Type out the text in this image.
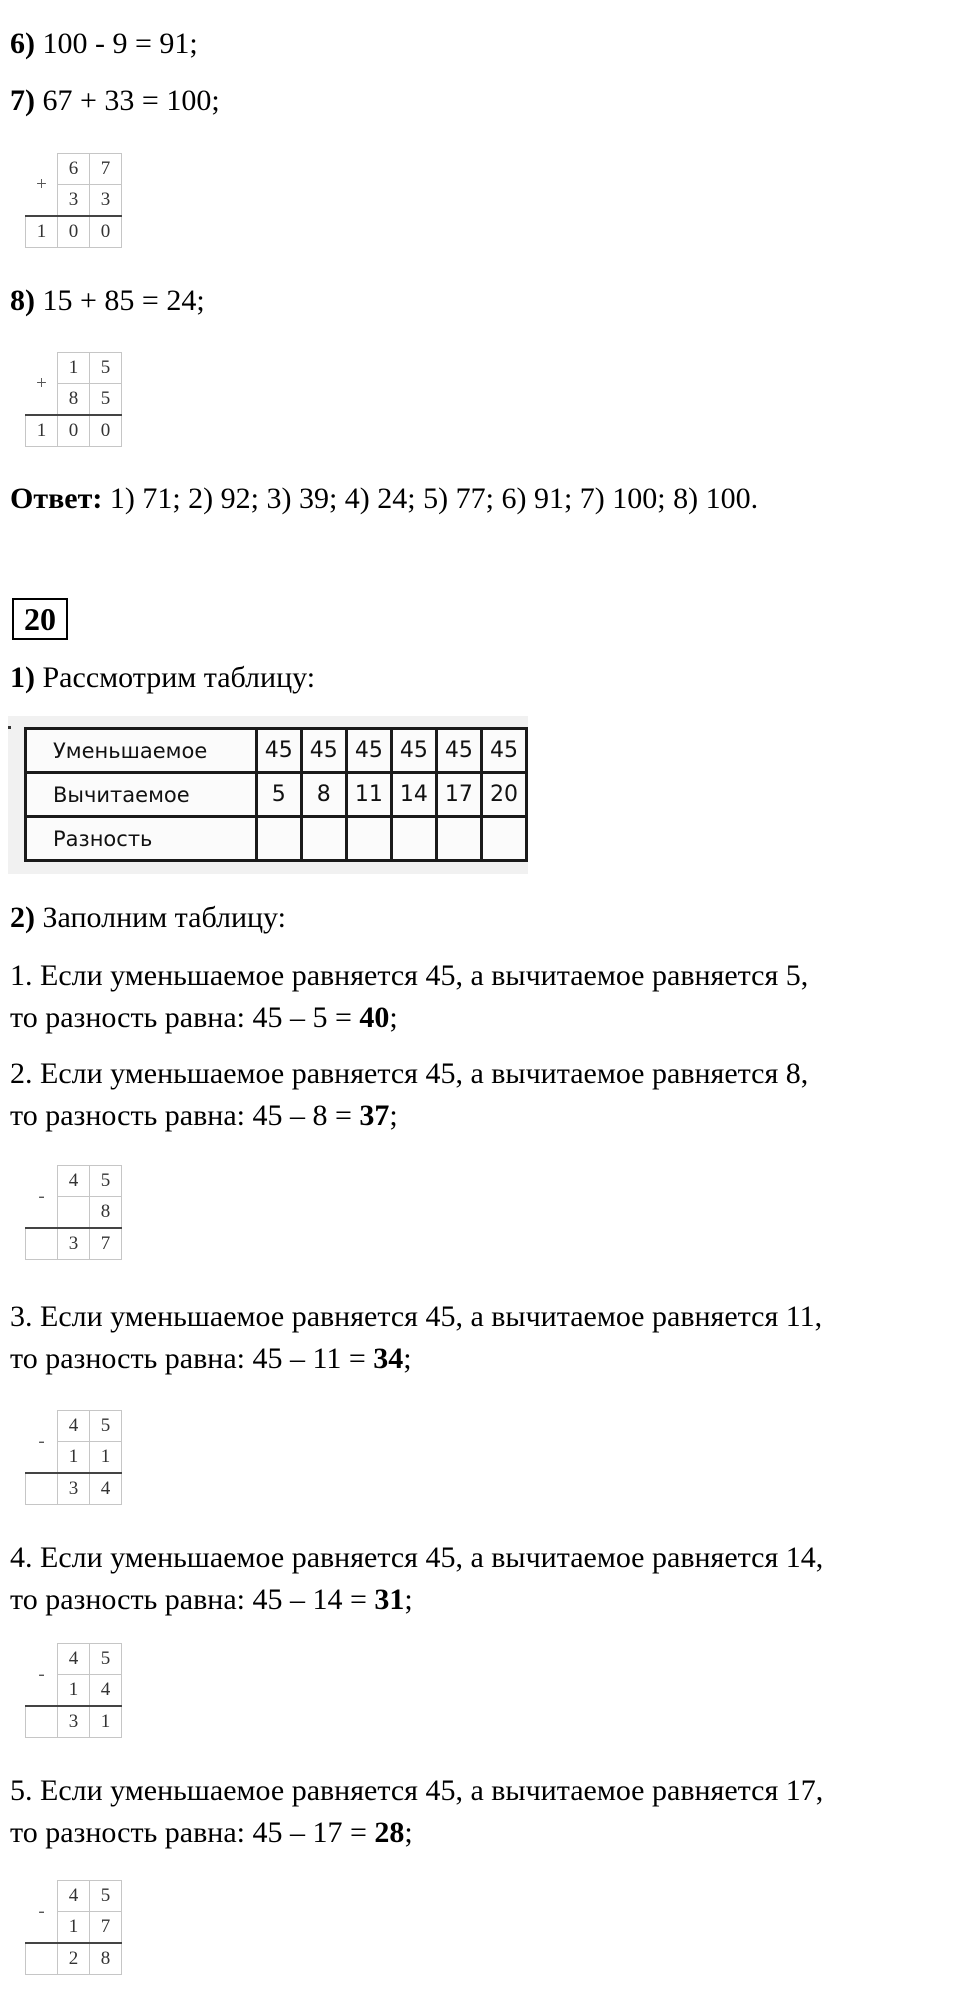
6) 100 - 9 = 91;

7) 67 + 33 = 100;

+	6	7
	3	3
1	0	0

8) 15 + 85 = 24;

+	1	5
	8	5
1	0	0

Ответ: 1) 71; 2) 92; 3) 39; 4) 24; 5) 77; 6) 91; 7) 100; 8) 100.

20

1) Рассмотрим таблицу:

Уменьшаемое	45	45	45	45	45	45
Вычитаемое	5	8	11	14	17	20
Разность						

2) Заполним таблицу:

1. Если уменьшаемое равняется 45, а вычитаемое равняется 5,
то разность равна: 45 – 5 = 40;
2. Если уменьшаемое равняется 45, а вычитаемое равняется 8,
то разность равна: 45 – 8 = 37;
-	4	5
		8
	3	7
3. Если уменьшаемое равняется 45, а вычитаемое равняется 11,
то разность равна: 45 – 11 = 34;
-	4	5
	1	1
	3	4
4. Если уменьшаемое равняется 45, а вычитаемое равняется 14,
то разность равна: 45 – 14 = 31;
-	4	5
	1	4
	3	1
5. Если уменьшаемое равняется 45, а вычитаемое равняется 17,
то разность равна: 45 – 17 = 28;
-	4	5
	1	7
	2	8
